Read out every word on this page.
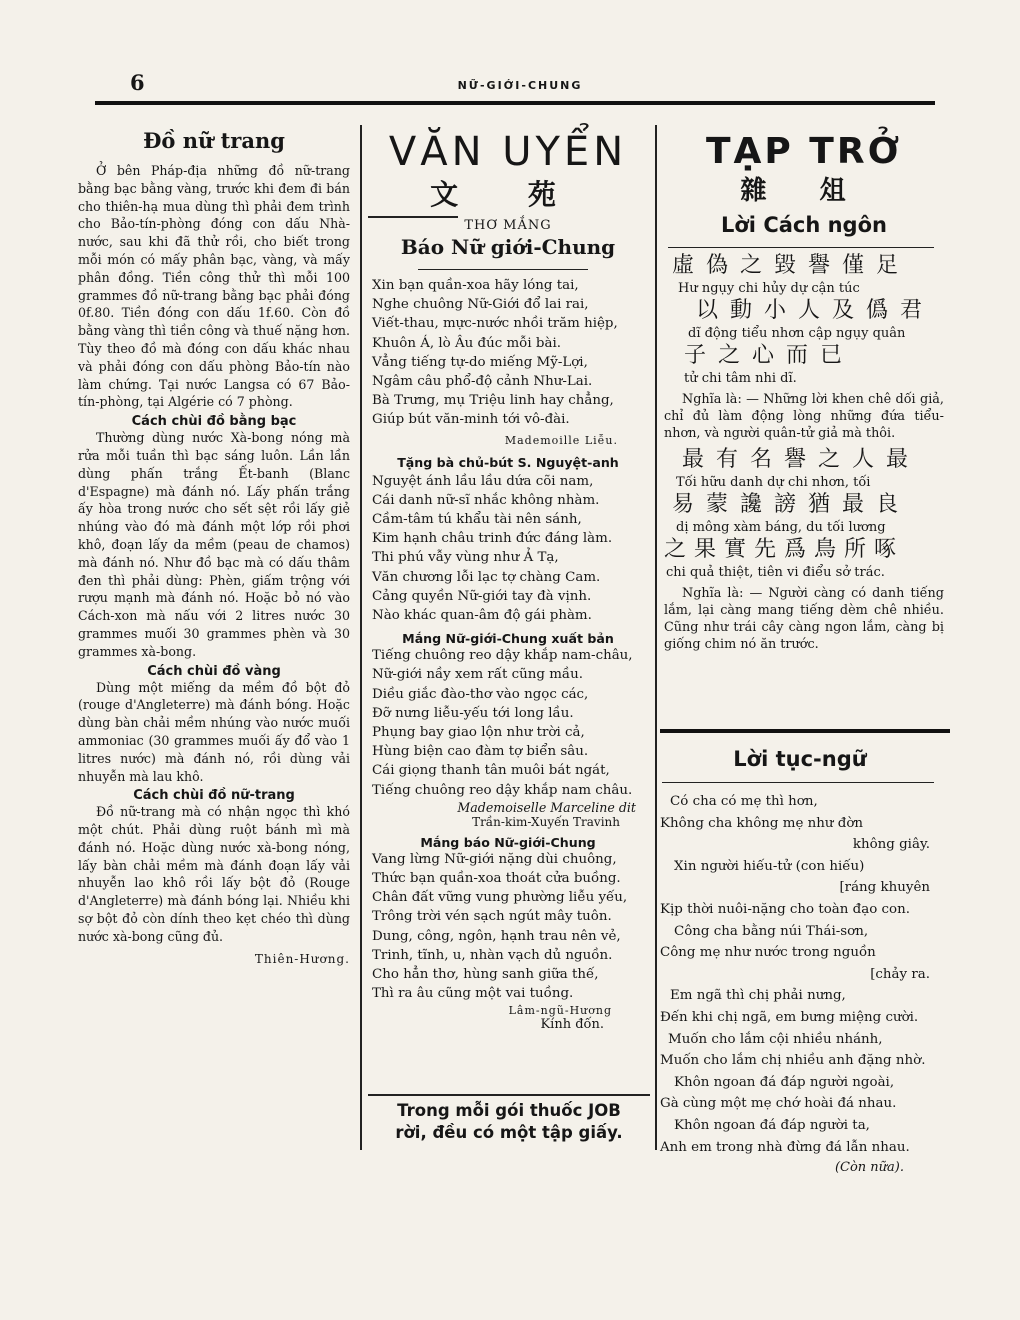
6	NỮ-GIỚI-CHUNG
Đồ nữ trang

Ở bên Pháp-địa những đồ nữ-trang bằng bạc bằng vàng, trước khi đem đi bán cho thiên-hạ mua dùng thì phải đem trình cho Bảo-tín-phòng đóng con dấu Nhà-nước, sau khi đã thử rồi, cho biết trong mỗi món có mấy phân bạc, vàng, và mấy phân đồng. Tiền công thử thì mỗi 100 grammes đồ nữ-trang bằng bạc phải đóng 0f.80. Tiền đóng con dấu 1f.60. Còn đồ bằng vàng thì tiền công và thuế nặng hơn. Tùy theo đồ mà đóng con dấu khác nhau và phải đóng con dấu phòng Bảo-tín nào làm chứng. Tại nước Langsa có 67 Bảo-tín-phòng, tại Algérie có 7 phòng.

Cách chùi đồ bằng bạc

Thường dùng nước Xà-bong nóng mà rửa mỗi tuần thì bạc sáng luôn. Lần lần dùng phấn trắng Ết-banh (Blanc d'Espagne) mà đánh nó. Lấy phấn trắng ấy hòa trong nước cho sết sệt rồi lấy giẻ nhúng vào đó mà đánh một lớp rồi phơi khô, đoạn lấy da mềm (peau de chamos) mà đánh nó. Như đồ bạc mà có dấu thâm đen thì phải dùng: Phèn, giấm trộng với rượu mạnh mà đánh nó. Hoặc bỏ nó vào Cách-xon mà nấu với 2 litres nước 30 grammes muối 30 grammes phèn và 30 grammes xà-bong.

Cách chùi đồ vàng

Dùng một miếng da mềm đồ bột đỏ (rouge d'Angleterre) mà đánh bóng. Hoặc dùng bàn chải mềm nhúng vào nước muối ammoniac (30 grammes muối ấy đổ vào 1 litres nước) mà đánh nó, rồi dùng vải nhuyễn mà lau khô.

Cách chùi đồ nữ-trang

Đồ nữ-trang mà có nhận ngọc thì khó một chút. Phải dùng ruột bánh mì mà đánh nó. Hoặc dùng nước xà-bong nóng, lấy bàn chải mềm mà đánh đoạn lấy vải nhuyễn lao khô rồi lấy bột đỏ (Rouge d'Angleterre) mà đánh bóng lại. Nhiều khi sợ bột đỏ còn dính theo kẹt chéo thì dùng nước xà-bong cũng đủ.

Thiên-Hương.
VĂN UYỂN
文 苑
THƠ MẮNG
Báo Nữ giới-Chung
Xin bạn quần-xoa hãy lóng tai,
Nghe chuông Nữ-Giới đổ lai rai,
Viết-thau, mực-nước nhồi trăm hiệp,
Khuôn Á, lò Âu đúc mỗi bài.
Vẳng tiếng tự-do miếng Mỹ-Lợi,
Ngâm câu phổ-độ cảnh Như-Lai.
Bà Trưng, mụ Triệu linh hay chẳng,
Giúp bút văn-minh tới vô-đài.
Mademoille Liễu.
Tặng bà chủ-bút S. Nguyệt-anh
Nguyệt ánh lầu lầu dứa cõi nam,
Cái danh nữ-sĩ nhắc không nhàm.
Cầm-tâm tú khẩu tài nên sánh,
Kim hạnh châu trinh đức đáng làm.
Thi phú vẫy vùng như Ả Tạ,
Văn chương lỗi lạc tợ chàng Cam.
Cảng quyền Nữ-giới tay đà vịnh.
Nào khác quan-âm độ gái phàm.
Mắng Nữ-giới-Chung xuất bản
Tiếng chuông reo dậy khắp nam-châu,
Nữ-giới nầy xem rất cũng mầu.
Diều giắc đào-thơ vào ngọc các,
Đỡ nưng liễu-yếu tới long lầu.
Phụng bay giao lộn như trời cả,
Hùng biện cao đàm tợ biển sâu.
Cái giọng thanh tân muôi bát ngát,
Tiếng chuông reo dậy khắp nam châu.
Mademoiselle Marceline dit
Trần-kim-Xuyến Travinh
Mắng báo Nữ-giới-Chung
Vang lừng Nữ-giới nặng dùi chuông,
Thức bạn quần-xoa thoát cửa buồng.
Chân đất vững vung phường liễu yếu,
Trông trời vén sạch ngút mây tuôn.
Dung, công, ngôn, hạnh trau nên vẻ,
Trinh, tĩnh, u, nhàn vạch dủ nguồn.
Cho hẳn thơ, hùng sanh giữa thế,
Thì ra âu cũng một vai tuồng.
Lâm-ngũ-Hương
Kính đốn.
Trong mỗi gói thuốc JOB
rời, đều có một tập giấy.
TẠP TRỞ
雜 俎
Lời Cách ngôn
虛偽之毀譽僅足
Hư ngụy chi hủy dự cận túc
以動小人及僞君
dĩ động tiểu nhơn cập ngụy quân
子之心而已
tử chi tâm nhi dĩ.

Nghĩa là: — Những lời khen chê dối giả, chỉ đủ làm động lòng những đứa tiểu-nhơn, và người quân-tử giả mà thôi.

最有名譽之人最
Tối hữu danh dự chi nhơn, tối
易蒙讒謗猶最良
dị mông xàm báng, du tối lương
之果實先爲鳥所啄
chi quả thiệt, tiên vi điểu sở trác.

Nghĩa là: — Người càng có danh tiếng lắm, lại càng mang tiếng dèm chê nhiều. Cũng như trái cây càng ngon lắm, càng bị giống chim nó ăn trước.

Lời tục-ngữ
Có cha có mẹ thì hơn,
Không cha không mẹ như đờn
không giây.
Xin người hiếu-tử (con hiếu)
[ráng khuyên
Kịp thời nuôi-nặng cho toàn đạo con.
Công cha bằng núi Thái-sơn,
Công mẹ như nước trong nguồn
[chảy ra.
Em ngã thì chị phải nưng,
Đến khi chị ngã, em bưng miệng cười.
Muốn cho lắm cội nhiều nhánh,
Muốn cho lắm chị nhiều anh đặng nhờ.
Khôn ngoan đá đáp người ngoài,
Gà cùng một mẹ chớ hoài đá nhau.
Khôn ngoan đá đáp người ta,
Anh em trong nhà đừng đá lẫn nhau.
(Còn nữa).
